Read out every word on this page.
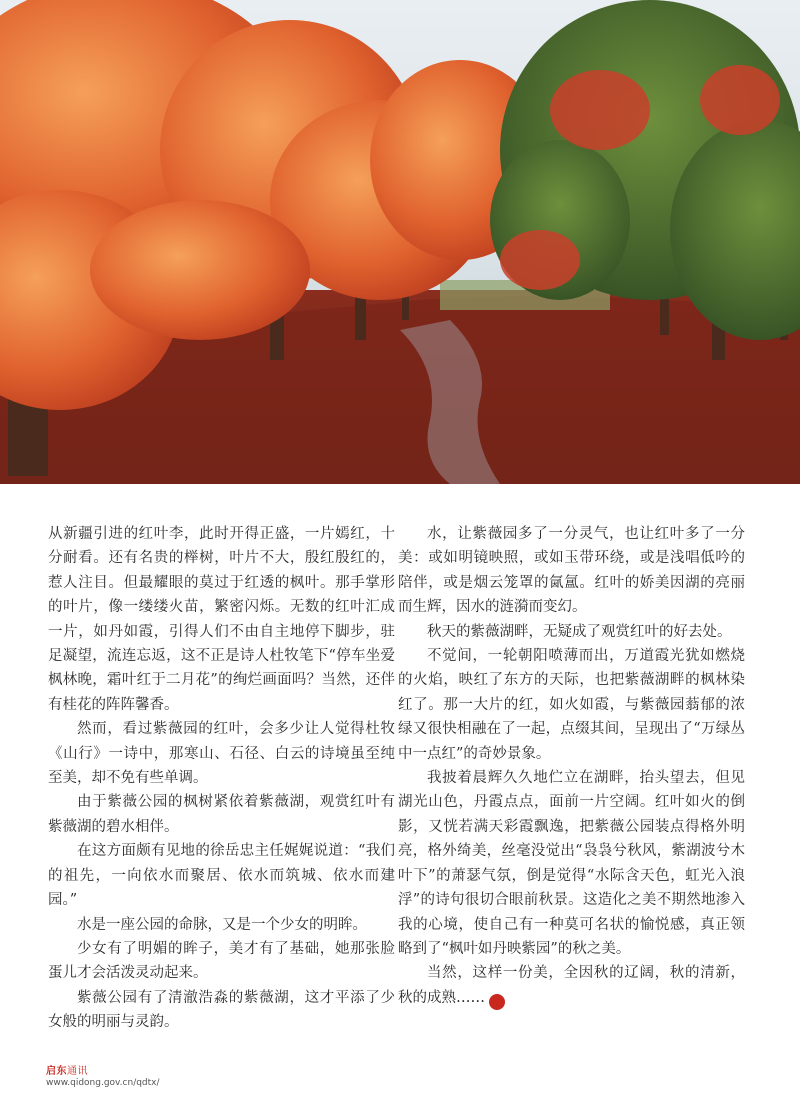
从新疆引进的红叶李，此时开得正盛，一片嫣红，十分耐看。还有名贵的榉树，叶片不大，殷红殷红的，惹人注目。但最耀眼的莫过于红透的枫叶。那手掌形的叶片，像一缕缕火苗，繁密闪烁。无数的红叶汇成一片，如丹如霞，引得人们不由自主地停下脚步，驻足凝望，流连忘返，这不正是诗人杜牧笔下“停车坐爱枫林晚，霜叶红于二月花”的绚烂画面吗？当然，还伴有桂花的阵阵馨香。

然而，看过紫薇园的红叶，会多少让人觉得杜牧《山行》一诗中，那寒山、石径、白云的诗境虽至纯至美，却不免有些单调。

由于紫薇公园的枫树紧依着紫薇湖，观赏红叶有紫薇湖的碧水相伴。

在这方面颇有见地的徐岳忠主任娓娓说道：“我们的祖先，一向依水而聚居、依水而筑城、依水而建园。”

水是一座公园的命脉，又是一个少女的明眸。

少女有了明媚的眸子，美才有了基础，她那张脸蛋儿才会活泼灵动起来。

紫薇公园有了清澈浩淼的紫薇湖，这才平添了少女般的明丽与灵韵。

水，让紫薇园多了一分灵气，也让红叶多了一分美：或如明镜映照，或如玉带环绕，或是浅唱低吟的陪伴，或是烟云笼罩的氤氲。红叶的娇美因湖的亮丽而生辉，因水的涟漪而变幻。

秋天的紫薇湖畔，无疑成了观赏红叶的好去处。

不觉间，一轮朝阳喷薄而出，万道霞光犹如燃烧的火焰，映红了东方的天际，也把紫薇湖畔的枫林染红了。那一大片的红，如火如霞，与紫薇园蓊郁的浓绿又很快相融在了一起，点缀其间，呈现出了“万绿丛中一点红”的奇妙景象。

我披着晨辉久久地伫立在湖畔，抬头望去，但见湖光山色，丹霞点点，面前一片空阔。红叶如火的倒影，又恍若满天彩霞飘逸，把紫薇公园装点得格外明亮，格外绮美，丝毫没觉出“袅袅兮秋风，紫湖波兮木叶下”的萧瑟气氛，倒是觉得“水际含天色，虹光入浪浮”的诗句很切合眼前秋景。这造化之美不期然地渗入我的心境，使自己有一种莫可名状的愉悦感，真正领略到了“枫叶如丹映紫园”的秋之美。

当然，这样一份美，全因秋的辽阔，秋的清新，秋的成熟……	启

启东通讯
www.qidong.gov.cn/qdtx/
